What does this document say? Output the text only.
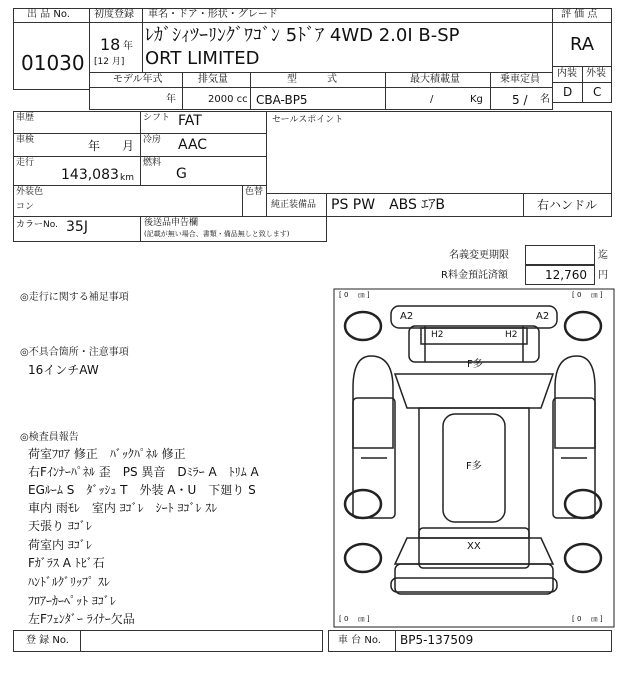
出 品 No.
01030
初度登録
18 年
[12 月]
車名・ドア・形状・グレード
ﾚｶﾞｼｨﾂｰﾘﾝｸﾞﾜｺﾞﾝ 5ﾄﾞｱ 4WD 2.0I B-SP
ORT LIMITED
評 価 点
RA
内装 外装
D C
モデル年式	排気量	型　　　式	最大積載量	乗車定員
年	2000 cc CBA-BP5	/	Kg 5 / 名
車歴	シフト FAT
車検	年 月 冷房 AAC
走行
143,083 km
燃料
G
外装色
コン
色替
セールスポイント
純正装備品 PS PW　ABS ｴｱB	右ハンドル
カラーNo. 35J	後送品申告欄
(記載が無い場合、書類・備品無しと致します)
名義変更期限	迄
R料金預託済額	12,760 円
◎走行に関する補足事項
◎不具合箇所・注意事項
16インチAW
◎検査員報告
荷室ﾌﾛｱ 修正　ﾊﾞｯｸﾊﾟﾈﾙ 修正
右Fｲﾝﾅｰﾊﾟﾈﾙ 歪　PS 異音　Dﾐﾗｰ A　ﾄﾘﾑ A
EGﾙｰﾑ S　ﾀﾞｯｼｭ T　外装 A・U　下廻り S
車内 雨ﾓﾚ　室内 ﾖｺﾞﾚ　ｼｰﾄ ﾖｺﾞﾚ ｽﾚ
天張り ﾖｺﾞﾚ
荷室内 ﾖｺﾞﾚ
Fｶﾞﾗｽ A ﾄﾋﾞ石
ﾊﾝﾄﾞﾙｸﾞﾘｯﾌﾟ ｽﾚ
ﾌﾛｱｰｶｰﾍﾟｯﾄ ﾖｺﾞﾚ
左Fﾌｪﾝﾀﾞｰ ﾗｲﾅｰ欠品
[ 0 　㎝ ]	[ 0 　㎝ ]
[ 0 　㎝ ]	[ 0 　㎝ ]
A2	A2
H2	H2
F多
F多
XX
登 録 No.	車 台 No. BP5-137509
